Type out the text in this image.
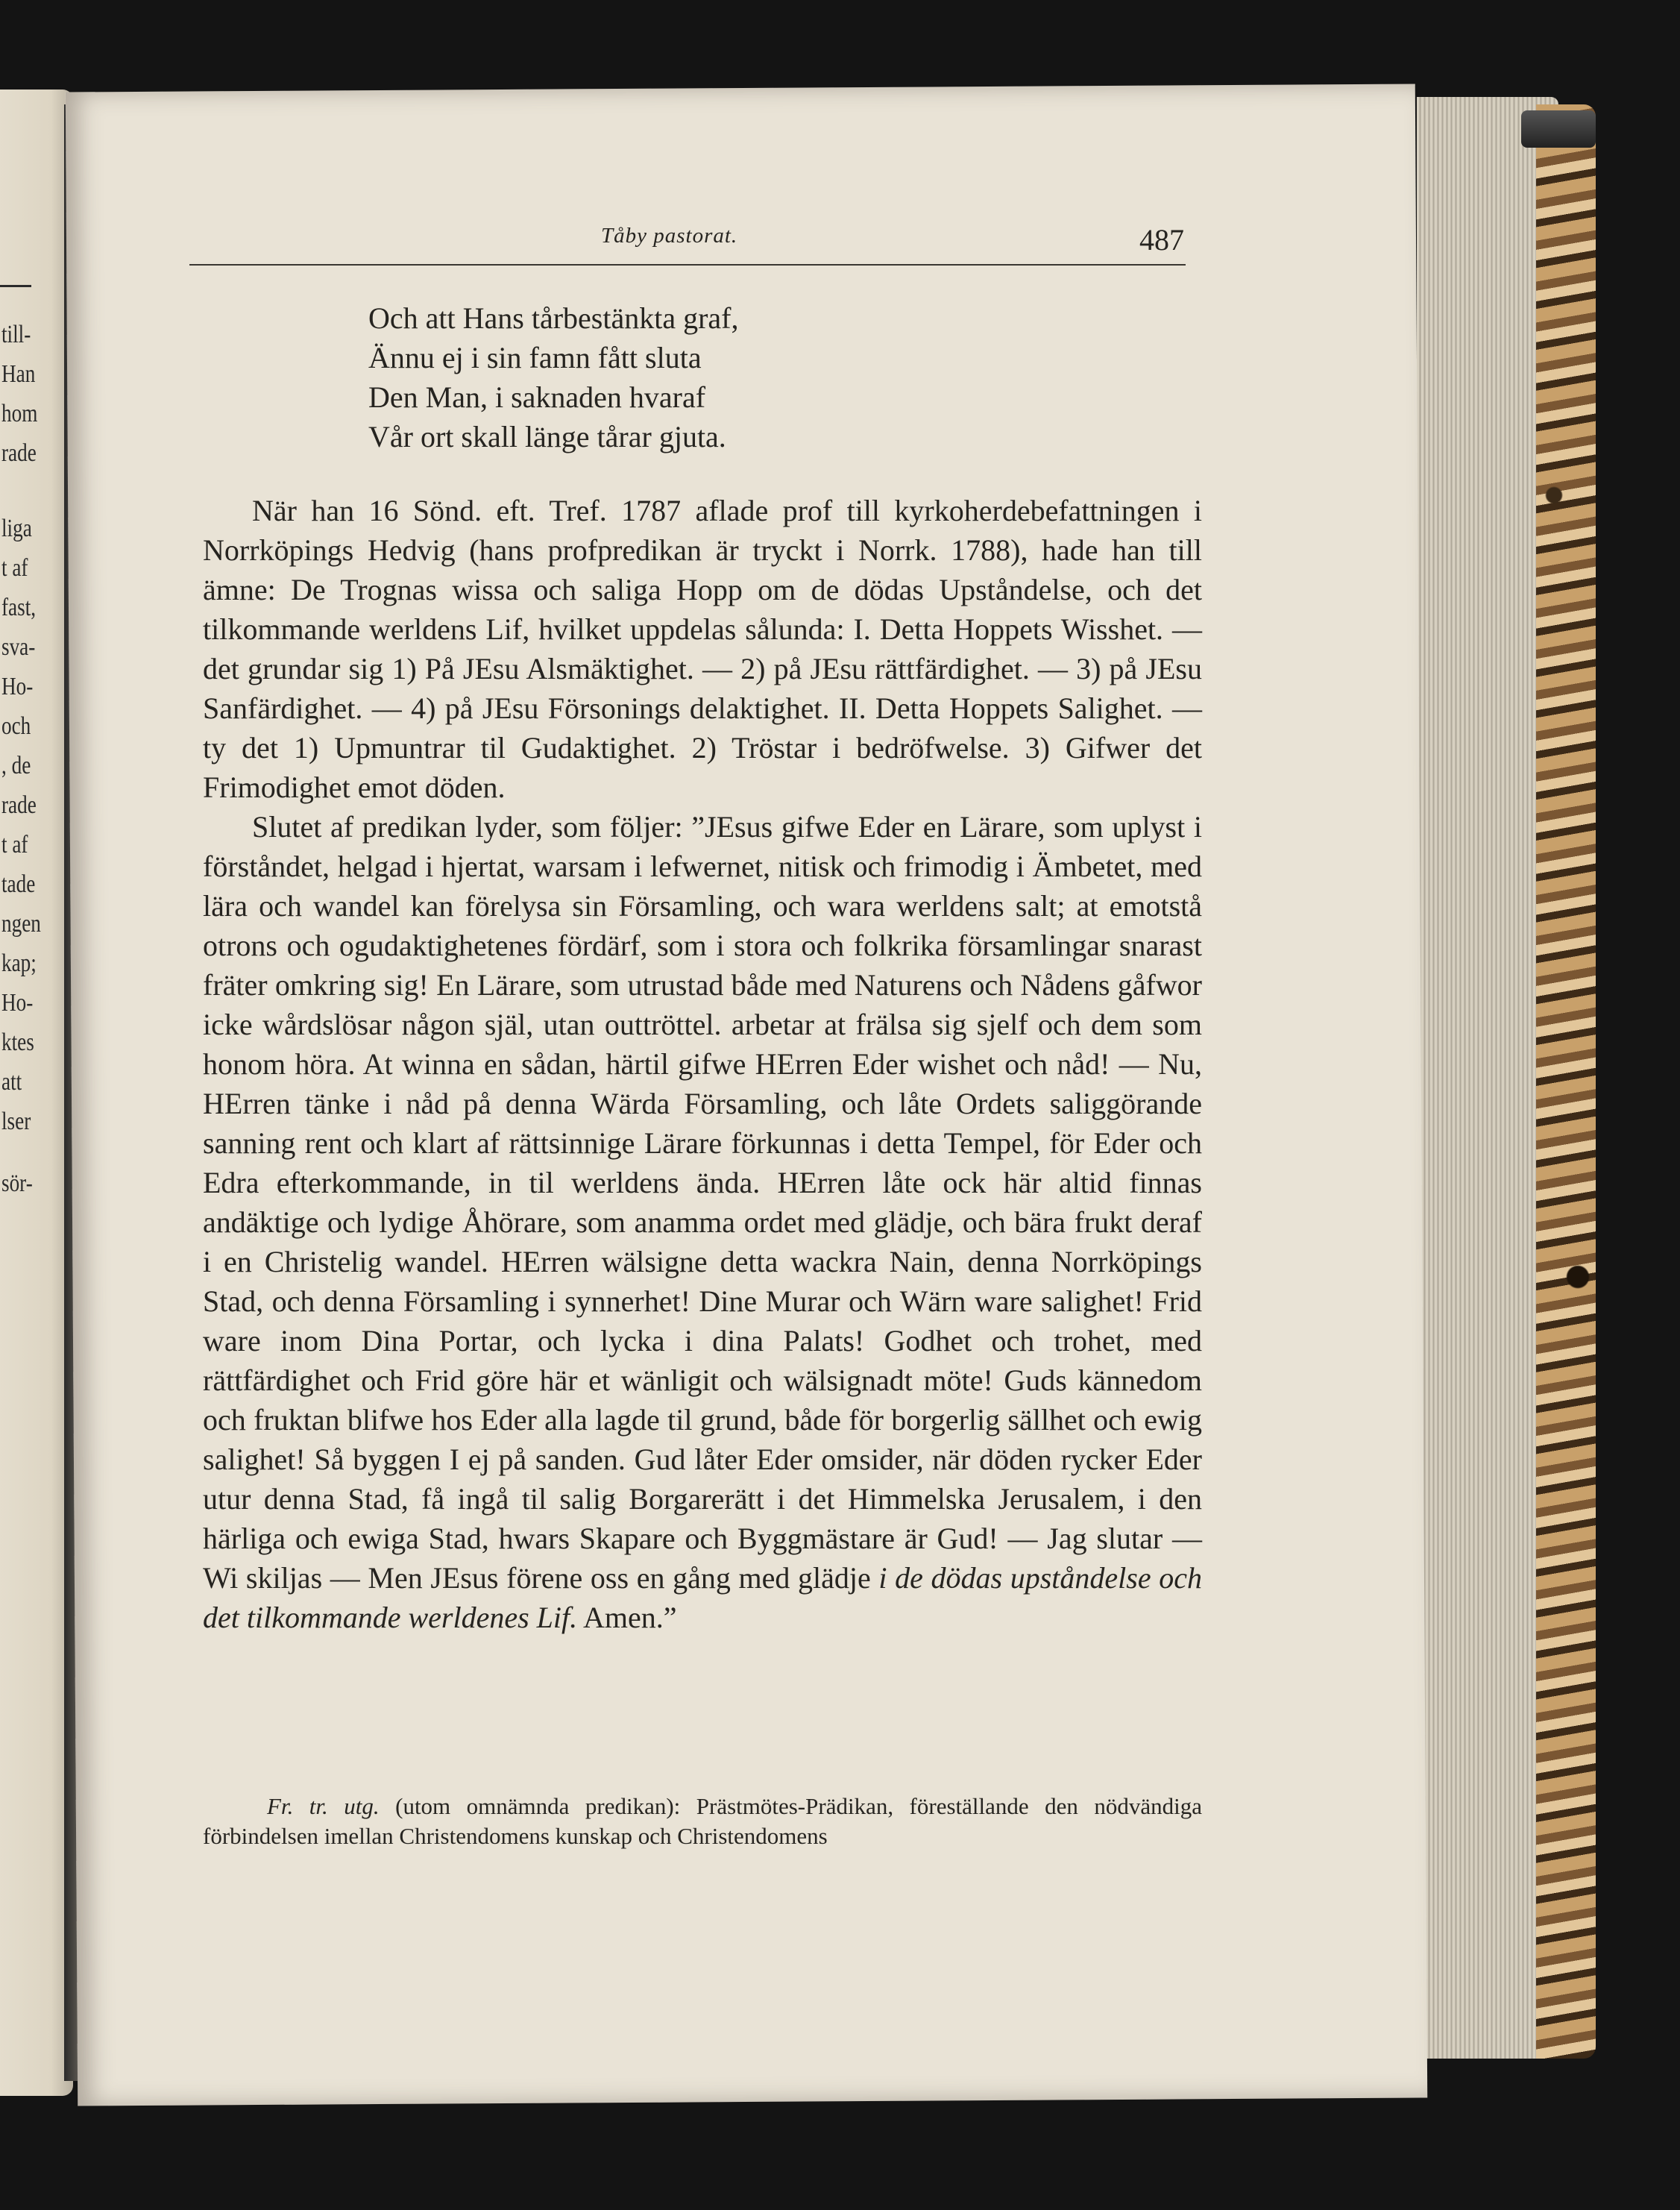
till-
Han
hom
rade
liga
t af
fast,
sva-
Ho-
och
, de
rade
t af
tade
ngen
kap;
Ho-
ktes
att
lser
sör-
Tåby pastorat.	487
Och att Hans tårbestänkta graf,
Ännu ej i sin famn fått sluta
Den Man, i saknaden hvaraf
Vår ort skall länge tårar gjuta.

När han 16 Sönd. eft. Tref. 1787 aflade prof till kyrkoherdebefattningen i Norrköpings Hedvig (hans profpredikan är tryckt i Norrk. 1788), hade han till ämne: De Trognas wissa och saliga Hopp om de dödas Upståndelse, och det tilkommande werldens Lif, hvilket uppdelas sålunda: I. Detta Hoppets Wisshet. — det grundar sig 1) På JEsu Alsmäktighet. — 2) på JEsu rättfärdighet. — 3) på JEsu Sanfärdighet. — 4) på JEsu Försonings delaktighet. II. Detta Hoppets Salighet. — ty det 1) Upmuntrar til Gudaktighet. 2) Tröstar i bedröfwelse. 3) Gifwer det Frimodighet emot döden.

Slutet af predikan lyder, som följer: ”JEsus gifwe Eder en Lärare, som uplyst i förståndet, helgad i hjertat, warsam i lefwernet, nitisk och frimodig i Ämbetet, med lära och wandel kan förelysa sin Församling, och wara werldens salt; at emotstå otrons och ogudaktighetenes fördärf, som i stora och folkrika församlingar snarast fräter omkring sig! En Lärare, som utrustad både med Naturens och Nådens gåfwor icke wårdslösar någon själ, utan outtröttel. arbetar at frälsa sig sjelf och dem som honom höra. At winna en sådan, härtil gifwe HErren Eder wishet och nåd! — Nu, HErren tänke i nåd på denna Wärda Församling, och låte Ordets saliggörande sanning rent och klart af rättsinnige Lärare förkunnas i detta Tempel, för Eder och Edra efterkommande, in til werldens ända. HErren låte ock här altid finnas andäktige och lydige Åhörare, som anamma ordet med glädje, och bära frukt deraf i en Christelig wandel. HErren wälsigne detta wackra Nain, denna Norrköpings Stad, och denna Församling i synnerhet! Dine Murar och Wärn ware salighet! Frid ware inom Dina Portar, och lycka i dina Palats! Godhet och trohet, med rättfärdighet och Frid göre här et wänligit och wälsignadt möte! Guds kännedom och fruktan blifwe hos Eder alla lagde til grund, både för borgerlig sällhet och ewig salighet! Så byggen I ej på sanden. Gud låter Eder omsider, när döden rycker Eder utur denna Stad, få ingå til salig Borgarerätt i det Himmelska Jerusalem, i den härliga och ewiga Stad, hwars Skapare och Byggmästare är Gud! — Jag slutar — Wi skiljas — Men JEsus förene oss en gång med glädje i de dödas upståndelse och det tilkommande werldenes Lif. Amen.”

Fr. tr. utg. (utom omnämnda predikan): Prästmötes-Prädikan, föreställande den nödvändiga förbindelsen imellan Christendomens kunskap och Christendomens
